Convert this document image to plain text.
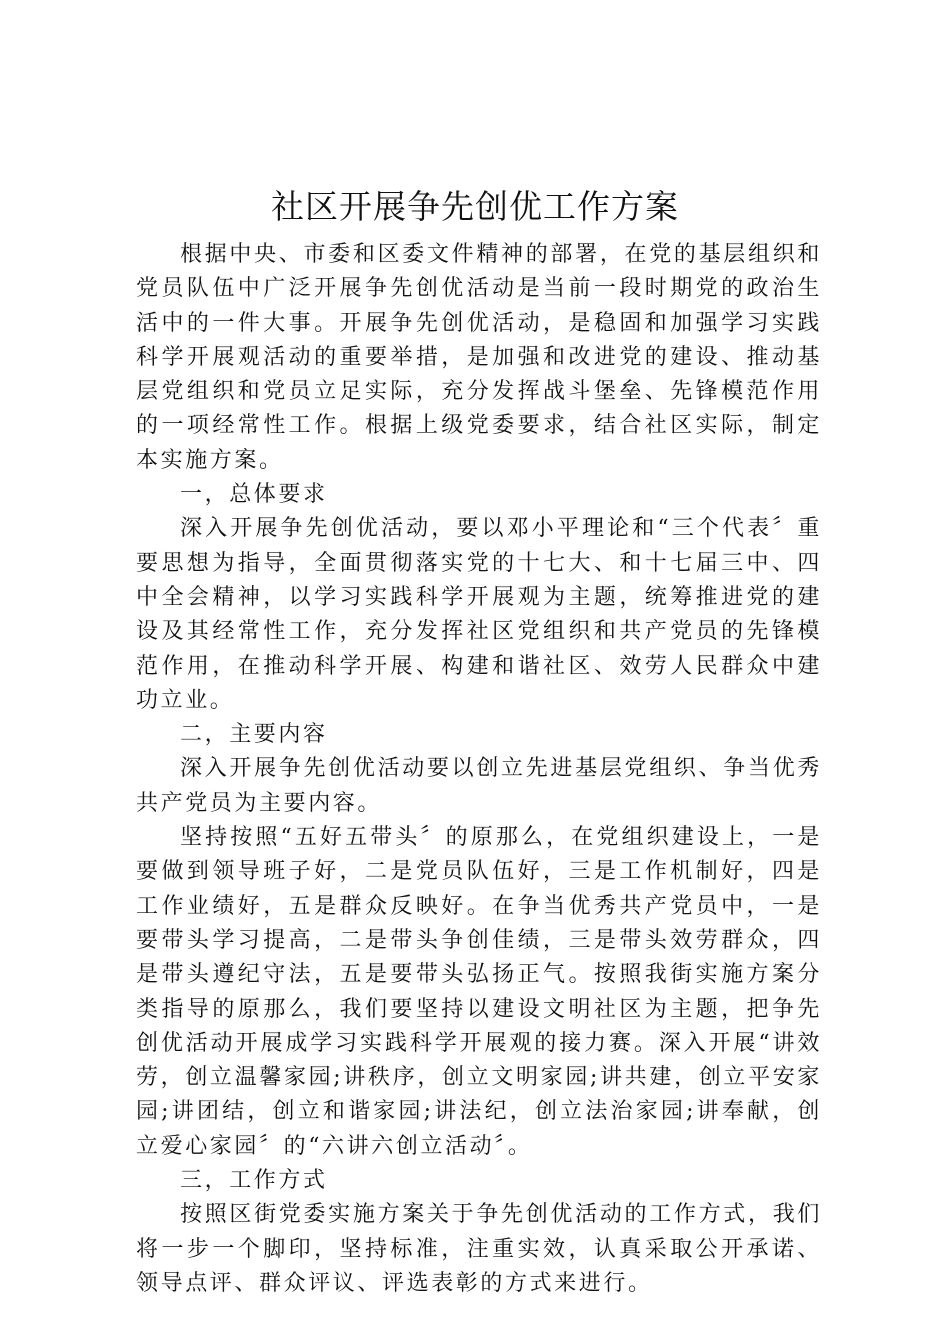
社区开展争先创优工作方案

根据中央、市委和区委文件精神的部署，在党的基层组织和党员队伍中广泛开展争先创优活动是当前一段时期党的政治生活中的一件大事。开展争先创优活动，是稳固和加强学习实践科学开展观活动的重要举措，是加强和改进党的建设、推动基层党组织和党员立足实际，充分发挥战斗堡垒、先锋模范作用的一项经常性工作。根据上级党委要求，结合社区实际，制定本实施方案。

一，总体要求

深入开展争先创优活动，要以邓小平理论和“三个代表〞重要思想为指导，全面贯彻落实党的十七大、和十七届三中、四中全会精神，以学习实践科学开展观为主题，统筹推进党的建设及其经常性工作，充分发挥社区党组织和共产党员的先锋模范作用，在推动科学开展、构建和谐社区、效劳人民群众中建功立业。

二，主要内容

深入开展争先创优活动要以创立先进基层党组织、争当优秀共产党员为主要内容。

坚持按照“五好五带头〞的原那么，在党组织建设上，一是要做到领导班子好，二是党员队伍好，三是工作机制好，四是工作业绩好，五是群众反映好。在争当优秀共产党员中，一是要带头学习提高，二是带头争创佳绩，三是带头效劳群众，四是带头遵纪守法，五是要带头弘扬正气。按照我街实施方案分类指导的原那么，我们要坚持以建设文明社区为主题，把争先创优活动开展成学习实践科学开展观的接力赛。深入开展“讲效劳，创立温馨家园;讲秩序，创立文明家园;讲共建，创立平安家园;讲团结，创立和谐家园;讲法纪，创立法治家园;讲奉献，创立爱心家园〞的“六讲六创立活动〞。

三，工作方式

按照区街党委实施方案关于争先创优活动的工作方式，我们将一步一个脚印，坚持标准，注重实效，认真采取公开承诺、领导点评、群众评议、评选表彰的方式来进行。
